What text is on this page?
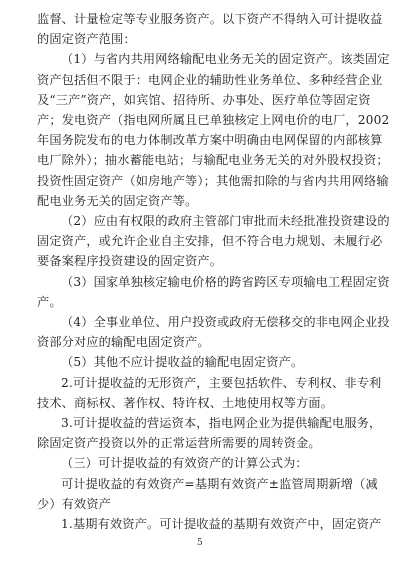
监督、计量检定等专业服务资产。以下资产不得纳入可计提收益
的固定资产范围：
（1）与省内共用网络输配电业务无关的固定资产。该类固定
资产包括但不限于：电网企业的辅助性业务单位、多种经营企业
及“三产”资产，如宾馆、招待所、办事处、医疗单位等固定资
产；发电资产（指电网所属且已单独核定上网电价的电厂，2002
年国务院发布的电力体制改革方案中明确由电网保留的内部核算
电厂除外）；抽水蓄能电站；与输配电业务无关的对外股权投资；
投资性固定资产（如房地产等）；其他需扣除的与省内共用网络输
配电业务无关的固定资产等。
（2）应由有权限的政府主管部门审批而未经批准投资建设的
固定资产，或允许企业自主安排，但不符合电力规划、未履行必
要备案程序投资建设的固定资产。
（3）国家单独核定输电价格的跨省跨区专项输电工程固定资
产。
（4）全事业单位、用户投资或政府无偿移交的非电网企业投
资部分对应的输配电固定资产。
（5）其他不应计提收益的输配电固定资产。
2.可计提收益的无形资产，主要包括软件、专利权、非专利
技术、商标权、著作权、特许权、土地使用权等方面。
3.可计提收益的营运资本，指电网企业为提供输配电服务，
除固定资产投资以外的正常运营所需要的周转资金。
（三）可计提收益的有效资产的计算公式为：
可计提收益的有效资产=基期有效资产±监管周期新增（减
少）有效资产
1.基期有效资产。可计提收益的基期有效资产中，固定资产
5
